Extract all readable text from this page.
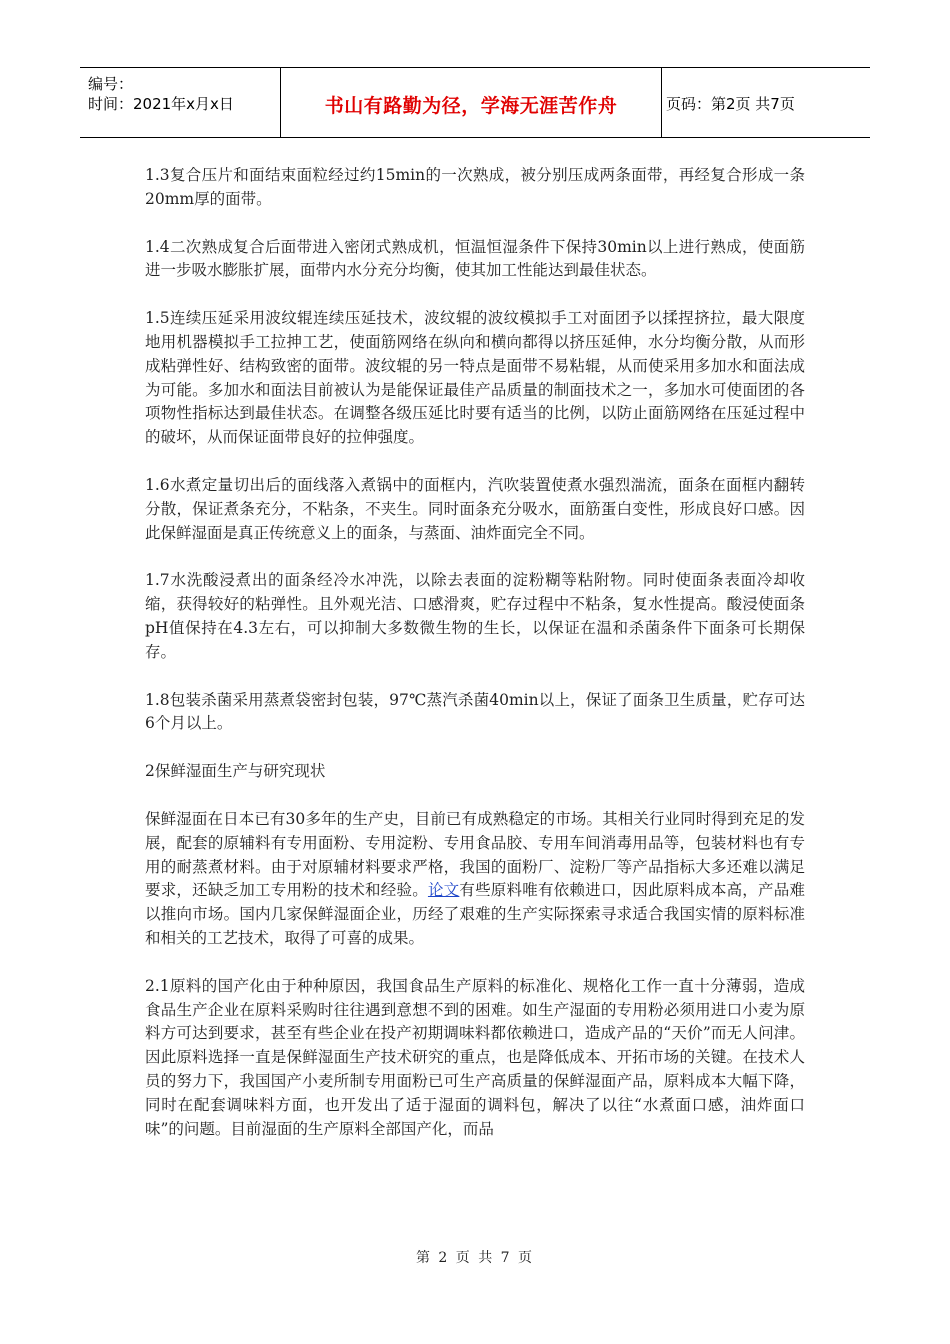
编号：
时间：2021年x月x日	书山有路勤为径，学海无涯苦作舟	页码：第2页 共7页

1.3复合压片和面结束面粒经过约15min的一次熟成，被分别压成两条面带，再经复合形成一条20mm厚的面带。

1.4二次熟成复合后面带进入密闭式熟成机，恒温恒湿条件下保持30min以上进行熟成，使面筋进一步吸水膨胀扩展，面带内水分充分均衡，使其加工性能达到最佳状态。

1.5连续压延采用波纹辊连续压延技术，波纹辊的波纹模拟手工对面团予以揉捏挤拉，最大限度地用机器模拟手工拉抻工艺，使面筋网络在纵向和横向都得以挤压延伸，水分均衡分散，从而形成粘弹性好、结构致密的面带。波纹辊的另一特点是面带不易粘辊，从而使采用多加水和面法成为可能。多加水和面法目前被认为是能保证最佳产品质量的制面技术之一，多加水可使面团的各项物性指标达到最佳状态。在调整各级压延比时要有适当的比例，以防止面筋网络在压延过程中的破坏，从而保证面带良好的拉伸强度。

1.6水煮定量切出后的面线落入煮锅中的面框内，汽吹装置使煮水强烈湍流，面条在面框内翻转分散，保证煮条充分，不粘条，不夹生。同时面条充分吸水，面筋蛋白变性，形成良好口感。因此保鲜湿面是真正传统意义上的面条，与蒸面、油炸面完全不同。

1.7水洗酸浸煮出的面条经冷水冲洗，以除去表面的淀粉糊等粘附物。同时使面条表面冷却收缩，获得较好的粘弹性。且外观光洁、口感滑爽，贮存过程中不粘条，复水性提高。酸浸使面条pH值保持在4.3左右，可以抑制大多数微生物的生长，以保证在温和杀菌条件下面条可长期保存。

1.8包装杀菌采用蒸煮袋密封包装，97℃蒸汽杀菌40min以上，保证了面条卫生质量，贮存可达6个月以上。

2保鲜湿面生产与研究现状

保鲜湿面在日本已有30多年的生产史，目前已有成熟稳定的市场。其相关行业同时得到充足的发展，配套的原辅料有专用面粉、专用淀粉、专用食品胶、专用车间消毒用品等，包装材料也有专用的耐蒸煮材料。由于对原辅材料要求严格，我国的面粉厂、淀粉厂等产品指标大多还难以满足要求，还缺乏加工专用粉的技术和经验。论文有些原料唯有依赖进口，因此原料成本高，产品难以推向市场。国内几家保鲜湿面企业，历经了艰难的生产实际探索寻求适合我国实情的原料标准和相关的工艺技术，取得了可喜的成果。

2.1原料的国产化由于种种原因，我国食品生产原料的标准化、规格化工作一直十分薄弱，造成食品生产企业在原料采购时往往遇到意想不到的困难。如生产湿面的专用粉必须用进口小麦为原料方可达到要求，甚至有些企业在投产初期调味料都依赖进口，造成产品的“天价”而无人问津。因此原料选择一直是保鲜湿面生产技术研究的重点，也是降低成本、开拓市场的关键。在技术人员的努力下，我国国产小麦所制专用面粉已可生产高质量的保鲜湿面产品，原料成本大幅下降，同时在配套调味料方面，也开发出了适于湿面的调料包，解决了以往“水煮面口感，油炸面口味”的问题。目前湿面的生产原料全部国产化，而品

第 2 页 共 7 页
